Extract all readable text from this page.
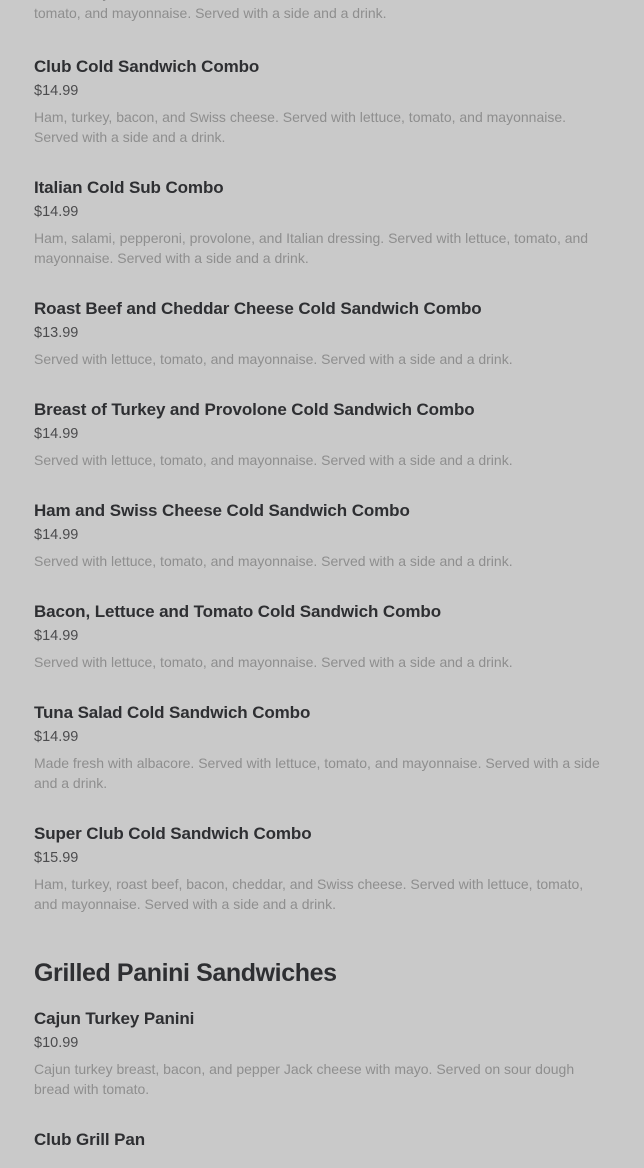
tomato, and mayonnaise. Served with a side and a drink.

Club Cold Sandwich Combo
$14.99

Ham, turkey, bacon, and Swiss cheese. Served with lettuce, tomato, and mayonnaise. Served with a side and a drink.

Italian Cold Sub Combo
$14.99

Ham, salami, pepperoni, provolone, and Italian dressing. Served with lettuce, tomato, and mayonnaise. Served with a side and a drink.

Roast Beef and Cheddar Cheese Cold Sandwich Combo
$13.99

Served with lettuce, tomato, and mayonnaise. Served with a side and a drink.

Breast of Turkey and Provolone Cold Sandwich Combo
$14.99

Served with lettuce, tomato, and mayonnaise. Served with a side and a drink.

Ham and Swiss Cheese Cold Sandwich Combo
$14.99

Served with lettuce, tomato, and mayonnaise. Served with a side and a drink.

Bacon, Lettuce and Tomato Cold Sandwich Combo
$14.99

Served with lettuce, tomato, and mayonnaise. Served with a side and a drink.

Tuna Salad Cold Sandwich Combo
$14.99

Made fresh with albacore. Served with lettuce, tomato, and mayonnaise. Served with a side and a drink.

Super Club Cold Sandwich Combo
$15.99

Ham, turkey, roast beef, bacon, cheddar, and Swiss cheese. Served with lettuce, tomato, and mayonnaise. Served with a side and a drink.

Grilled Panini Sandwiches
Cajun Turkey Panini
$10.99

Cajun turkey breast, bacon, and pepper Jack cheese with mayo. Served on sour dough bread with tomato.

Club Grill Pan
